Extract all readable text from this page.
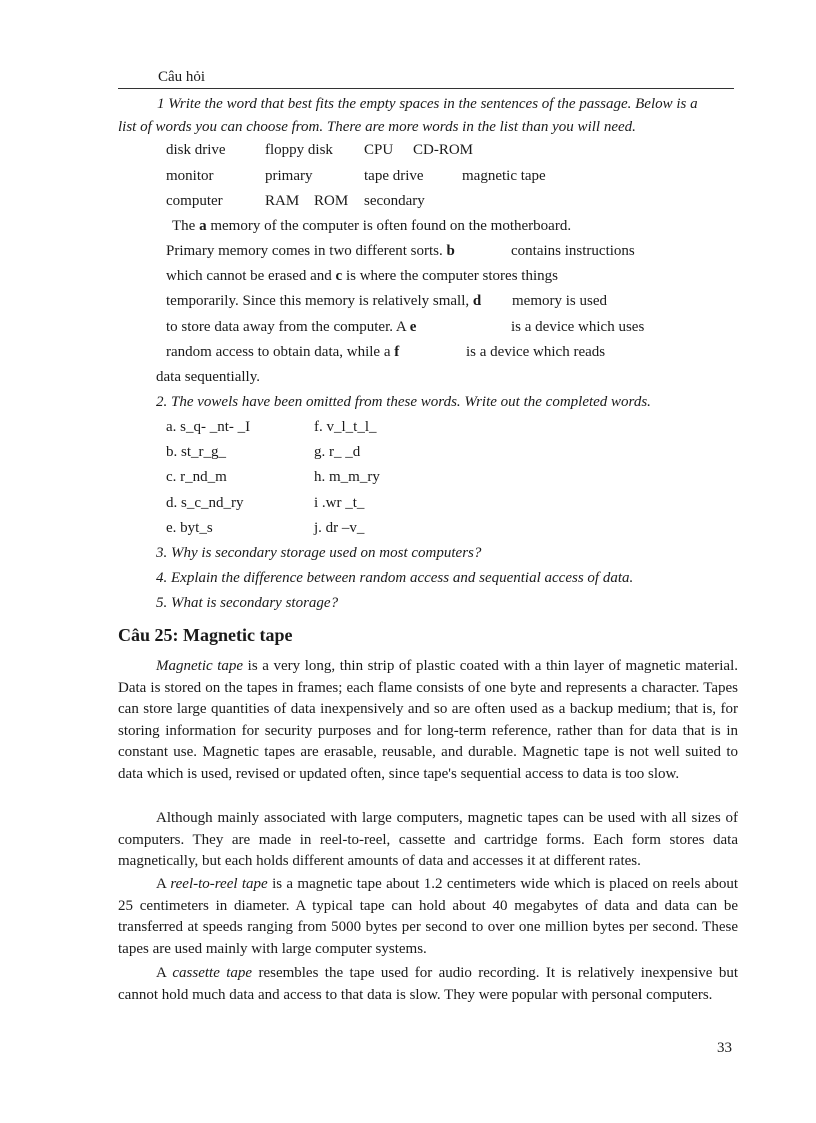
Câu hỏi
1 Write the word that best fits the empty spaces in the sentences of the passage. Below is a
list of words you can choose from. There are more words in the list than you will need.
disk drive	floppy disk CPU CD-ROM
monitor	primary	tape drive	magnetic tape
computer	RAM ROM secondary
The a memory of the computer is often found on the motherboard.
Primary memory comes in two different sorts. b	contains instructions
which cannot be erased and c is where the computer stores things
temporarily. Since this memory is relatively small, d memory is used
to store data away from the computer. A e	is a device which uses
random access to obtain data, while a f	is a device which reads
data sequentially.
2. The vowels have been omitted from these words. Write out the completed words.
a. s_q- _nt- _I	f. v_l_t_l_
b. st_r_g_	g. r_ _d
c. r_nd_m	h. m_m_ry
d. s_c_nd_ry	i .wr _t_
e. byt_s	j. dr –v_
3. Why is secondary storage used on most computers?
4. Explain the difference between random access and sequential access of data.
5. What is secondary storage?
Câu 25: Magnetic tape
Magnetic tape is a very long, thin strip of plastic coated with a thin layer of magnetic material. Data is stored on the tapes in frames; each flame consists of one byte and represents a character. Tapes can store large quantities of data inexpensively and so are often used as a backup medium; that is, for storing information for security purposes and for long-term reference, rather than for data that is in constant use. Magnetic tapes are erasable, reusable, and durable. Magnetic tape is not well suited to data which is used, revised or updated often, since tape's sequential access to data is too slow.
Although mainly associated with large computers, magnetic tapes can be used with all sizes of computers. They are made in reel-to-reel, cassette and cartridge forms. Each form stores data magnetically, but each holds different amounts of data and accesses it at different rates.
A reel-to-reel tape is a magnetic tape about 1.2 centimeters wide which is placed on reels about 25 centimeters in diameter. A typical tape can hold about 40 megabytes of data and data can be transferred at speeds ranging from 5000 bytes per second to over one million bytes per second. These tapes are used mainly with large computer systems.
A cassette tape resembles the tape used for audio recording. It is relatively inexpensive but cannot hold much data and access to that data is slow. They were popular with personal computers.
33
